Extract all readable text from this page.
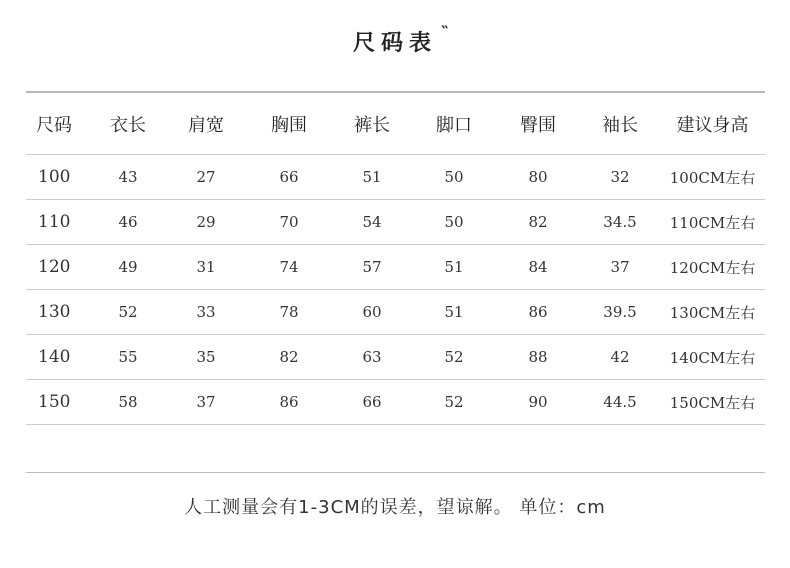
尺码表 ‶
尺码	衣长	肩宽	胸围	裤长	脚口	臀围	袖长	建议身高
100	43	27	66	51	50	80	32	100CM左右
110	46	29	70	54	50	82	34.5	110CM左右
120	49	31	74	57	51	84	37	120CM左右
130	52	33	78	60	51	86	39.5	130CM左右
140	55	35	82	63	52	88	42	140CM左右
150	58	37	86	66	52	90	44.5	150CM左右
人工测量会有1-3CM的误差，望谅解。 单位：cm
